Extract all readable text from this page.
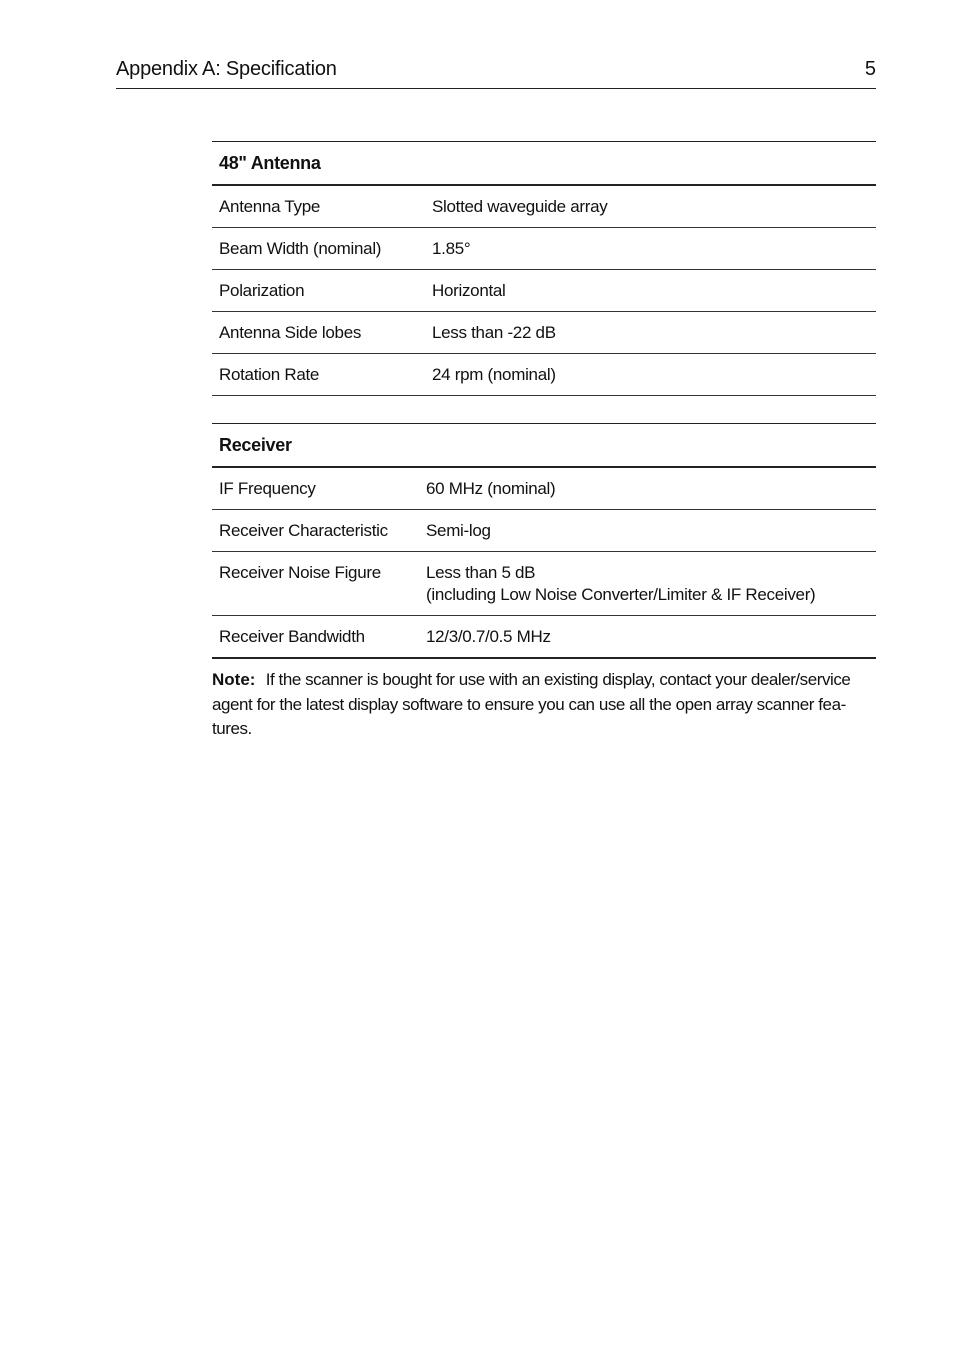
Appendix A: Specification	5
48" Antenna	
Antenna Type	Slotted waveguide array
Beam Width (nominal)	1.85°
Polarization	Horizontal
Antenna Side lobes	Less than -22 dB
Rotation Rate	24 rpm (nominal)
Receiver	
IF Frequency	60 MHz (nominal)
Receiver Characteristic	Semi-log
Receiver Noise Figure	Less than 5 dB
(including Low Noise Converter/Limiter & IF Receiver)

Receiver Bandwidth	12/3/0.7/0.5 MHz
Note: If the scanner is bought for use with an existing display, contact your dealer/service agent for the latest display software to ensure you can use all the open array scanner fea-tures.
